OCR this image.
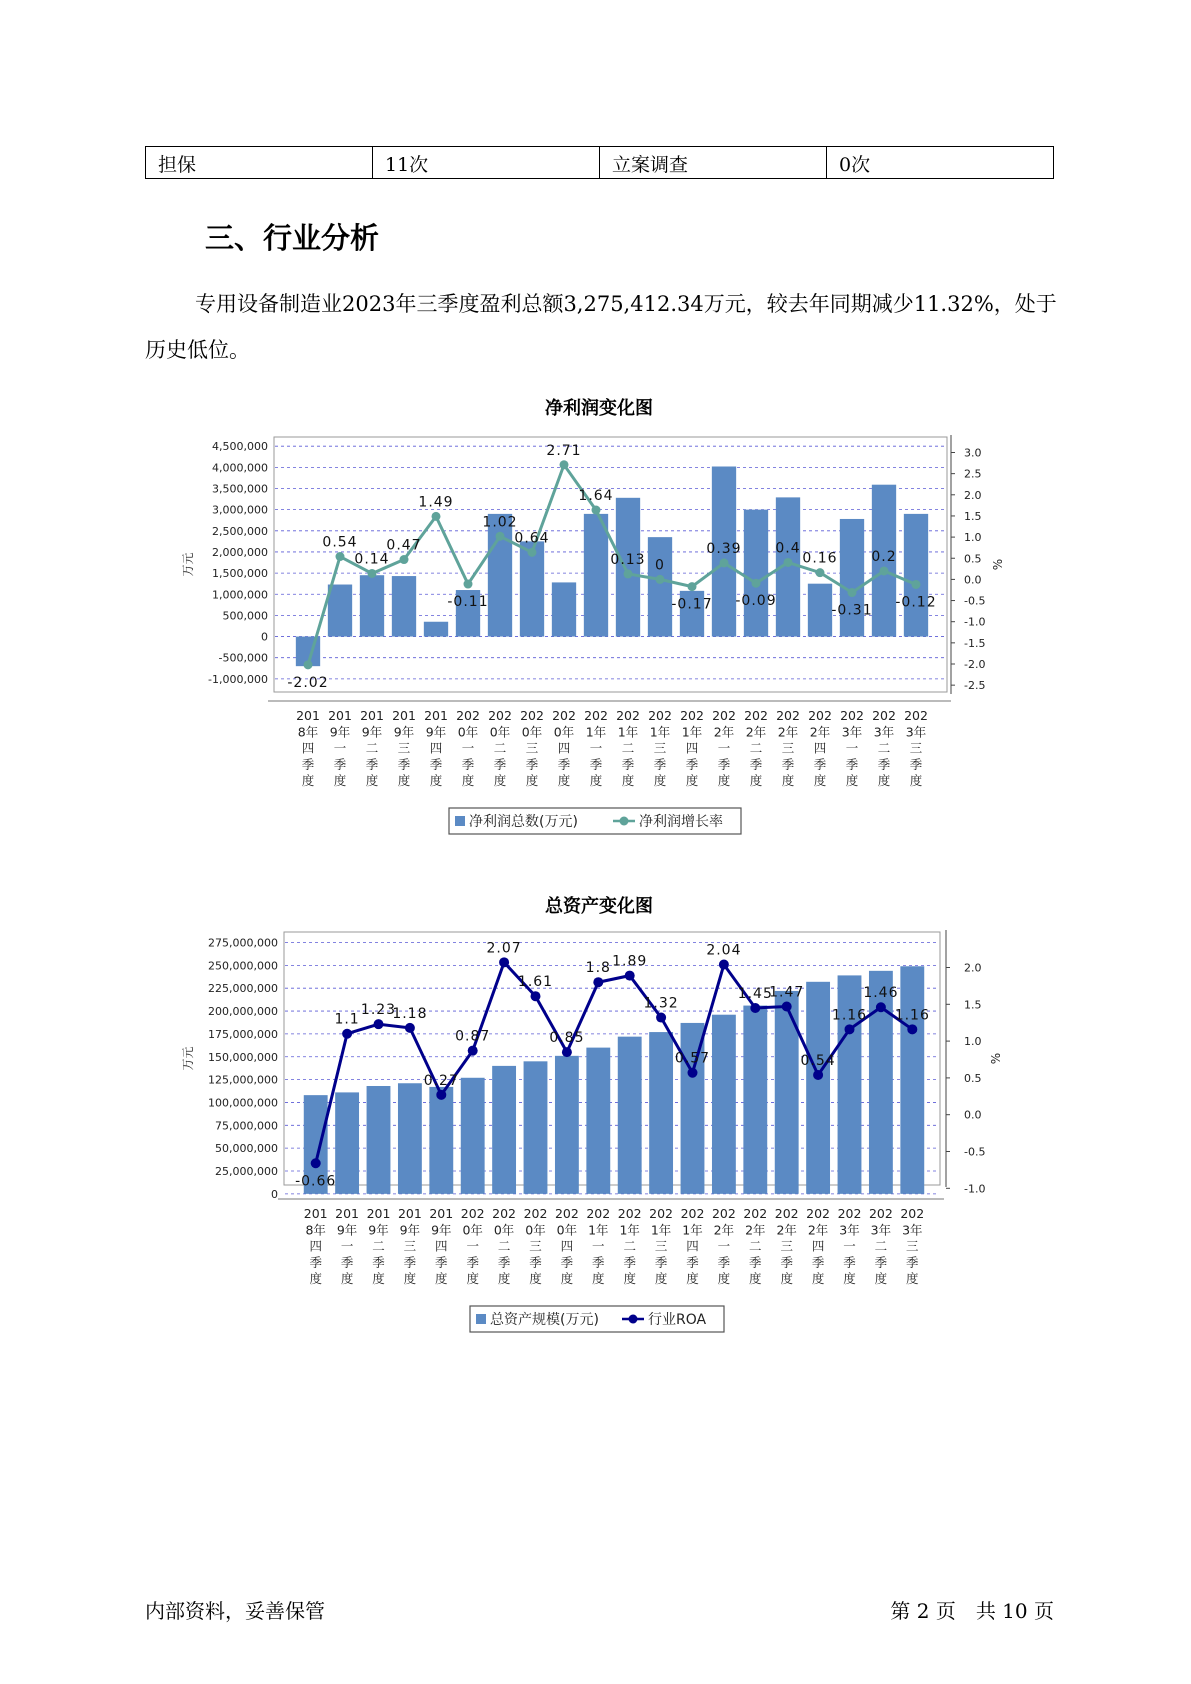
担保	11次	立案调查	0次
三、行业分析
专用设备制造业2023年三季度盈利总额3,275,412.34万元，较去年同期减少11.32%，处于历史低位。
净利润变化图
总资产变化图
4,500,000
4,000,000
3,500,000
3,000,000
2,500,000
2,000,000
1,500,000
1,000,000
500,000
0
-500,000
-1,000,000
3.0
2.5
2.0
1.5
1.0
0.5
0.0
-0.5
-1.0
-1.5
-2.0
-2.5
万元	%
-2.02
0.54
0.14
0.47
1.49
-0.11
1.02
0.64
2.71
1.64
0.13 0
-0.17
0.39
-0.09
0.4
0.16
-0.31
0.2
-0.12
201
8年
四
季
度
201
9年
一
季
度
201
9年
二
季
度
201
9年
三
季
度
201
9年
四
季
度
202
0年
一
季
度
202
0年
二
季
度
202
0年
三
季
度
202
0年
四
季
度
202
1年
一
季
度
202
1年
二
季
度
202
1年
三
季
度
202
1年
四
季
度
202
2年
一
季
度
202
2年
二
季
度
202
2年
三
季
度
202
2年
四
季
度
202
3年
一
季
度
202
3年
二
季
度
202
3年
三
季
度
净利润总数(万元)	净利润增长率
275,000,000
250,000,000
225,000,000
200,000,000
175,000,000
150,000,000
125,000,000
100,000,000
75,000,000
50,000,000
25,000,000
0
2.0
1.5
1.0
0.5
0.0
-0.5
-1.0
万元	%
-0.66
1.1
1.23
1.18
0.27
0.87
2.07
1.61
0.85
1.8 1.89
1.32
0.57
2.04
1.45
1.47
0.54
1.16
1.46
1.16
201
8年
四
季
度
201
9年
一
季
度
201
9年
二
季
度
201
9年
三
季
度
201
9年
四
季
度
202
0年
一
季
度
202
0年
二
季
度
202
0年
三
季
度
202
0年
四
季
度
202
1年
一
季
度
202
1年
二
季
度
202
1年
三
季
度
202
1年
四
季
度
202
2年
一
季
度
202
2年
二
季
度
202
2年
三
季
度
202
2年
四
季
度
202
3年
一
季
度
202
3年
二
季
度
202
3年
三
季
度
总资产规模(万元)	行业ROA
内部资料，妥善保管	第 2 页　共 10 页
